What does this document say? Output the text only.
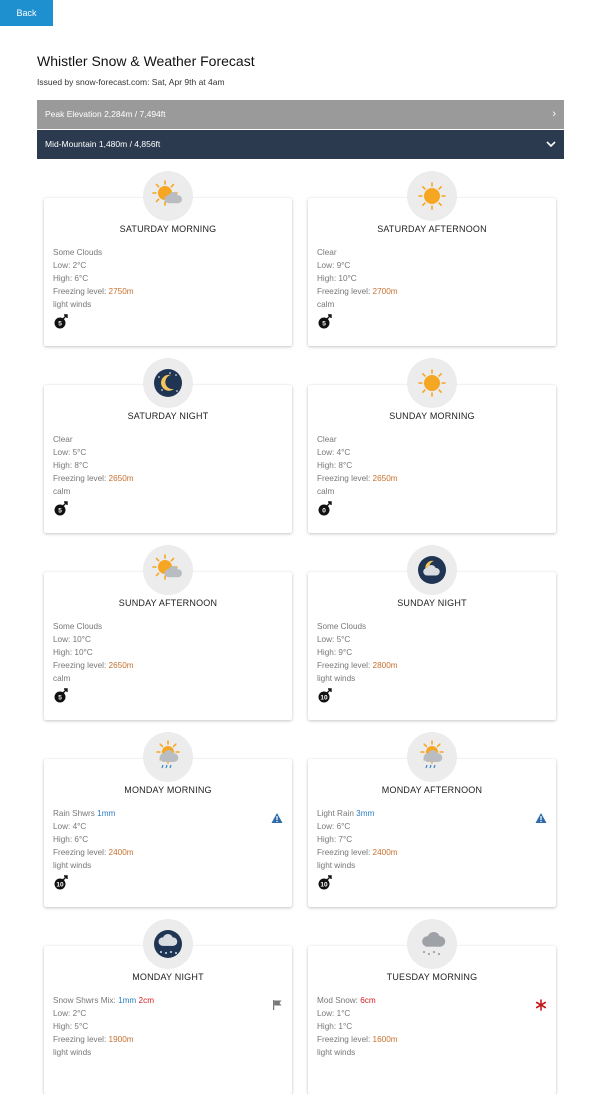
Back
Whistler Snow & Weather Forecast
Issued by snow-forecast.com: Sat, Apr 9th at 4am
Peak Elevation 2,284m / 7,494ft	›
Mid-Mountain 1,480m / 4,856ft
SATURDAY MORNING
Some Clouds
Low: 2°C
High: 6°C
Freezing level: 2750m
light winds
5
SATURDAY AFTERNOON
Clear
Low: 9°C
High: 10°C
Freezing level: 2700m
calm
5
SATURDAY NIGHT
Clear
Low: 5°C
High: 8°C
Freezing level: 2650m
calm
5
SUNDAY MORNING
Clear
Low: 4°C
High: 8°C
Freezing level: 2650m
calm
0
SUNDAY AFTERNOON
Some Clouds
Low: 10°C
High: 10°C
Freezing level: 2650m
calm
5
SUNDAY NIGHT
Some Clouds
Low: 5°C
High: 9°C
Freezing level: 2800m
light winds
10
MONDAY MORNING
Rain Shwrs 1mm
Low: 4°C
High: 6°C
Freezing level: 2400m
light winds
10
MONDAY AFTERNOON
Light Rain 3mm
Low: 6°C
High: 7°C
Freezing level: 2400m
light winds
10
MONDAY NIGHT
Snow Shwrs Mix: 1mm 2cm
Low: 2°C
High: 5°C
Freezing level: 1900m
light winds
TUESDAY MORNING
Mod Snow: 6cm
Low: 1°C
High: 1°C
Freezing level: 1600m
light winds
